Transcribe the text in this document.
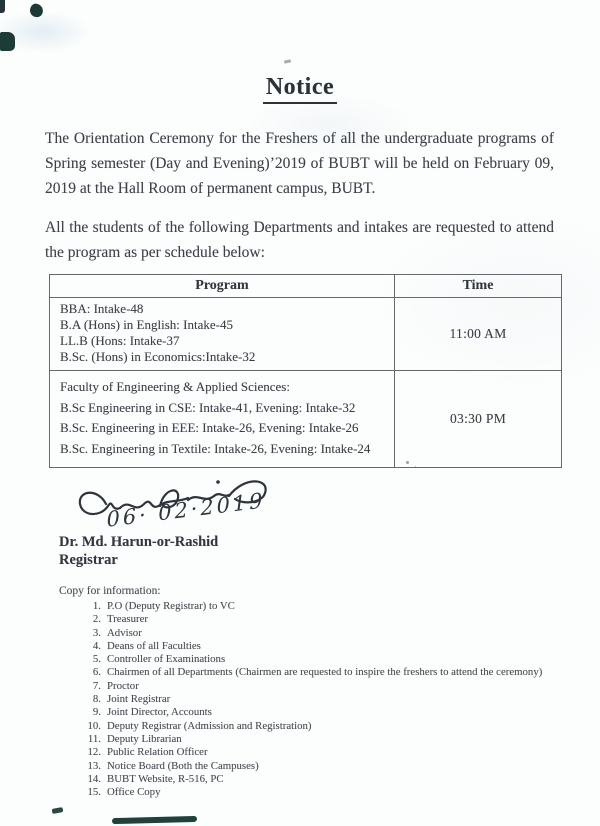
Notice
The Orientation Ceremony for the Freshers of all the undergraduate programs of
Spring semester (Day and Evening)’2019 of BUBT will be held on February 09,
2019 at the Hall Room of permanent campus, BUBT.
All the students of the following Departments and intakes are requested to attend
the program as per schedule below:
Program	Time

BBA: Intake-48
B.A (Hons) in English: Intake-45
LL.B (Hons: Intake-37
B.Sc. (Hons) in Economics:Intake-32	11:00 AM

Faculty of Engineering & Applied Sciences:
B.Sc Engineering in CSE: Intake-41, Evening: Intake-32
B.Sc. Engineering in EEE: Intake-26, Evening: Intake-26
B.Sc. Engineering in Textile: Intake-26, Evening: Intake-24	03:30 PM
06· 02·2019
Dr. Md. Harun-or-Rashid
Registrar
Copy for information:
P.O (Deputy Registrar) to VC
Treasurer
Advisor
Deans of all Faculties
Controller of Examinations
Chairmen of all Departments (Chairmen are requested to inspire the freshers to attend the ceremony)
Proctor
Joint Registrar
Joint Director, Accounts
Deputy Registrar (Admission and Registration)
Deputy Librarian
Public Relation Officer
Notice Board (Both the Campuses)
BUBT Website, R-516, PC
Office Copy
